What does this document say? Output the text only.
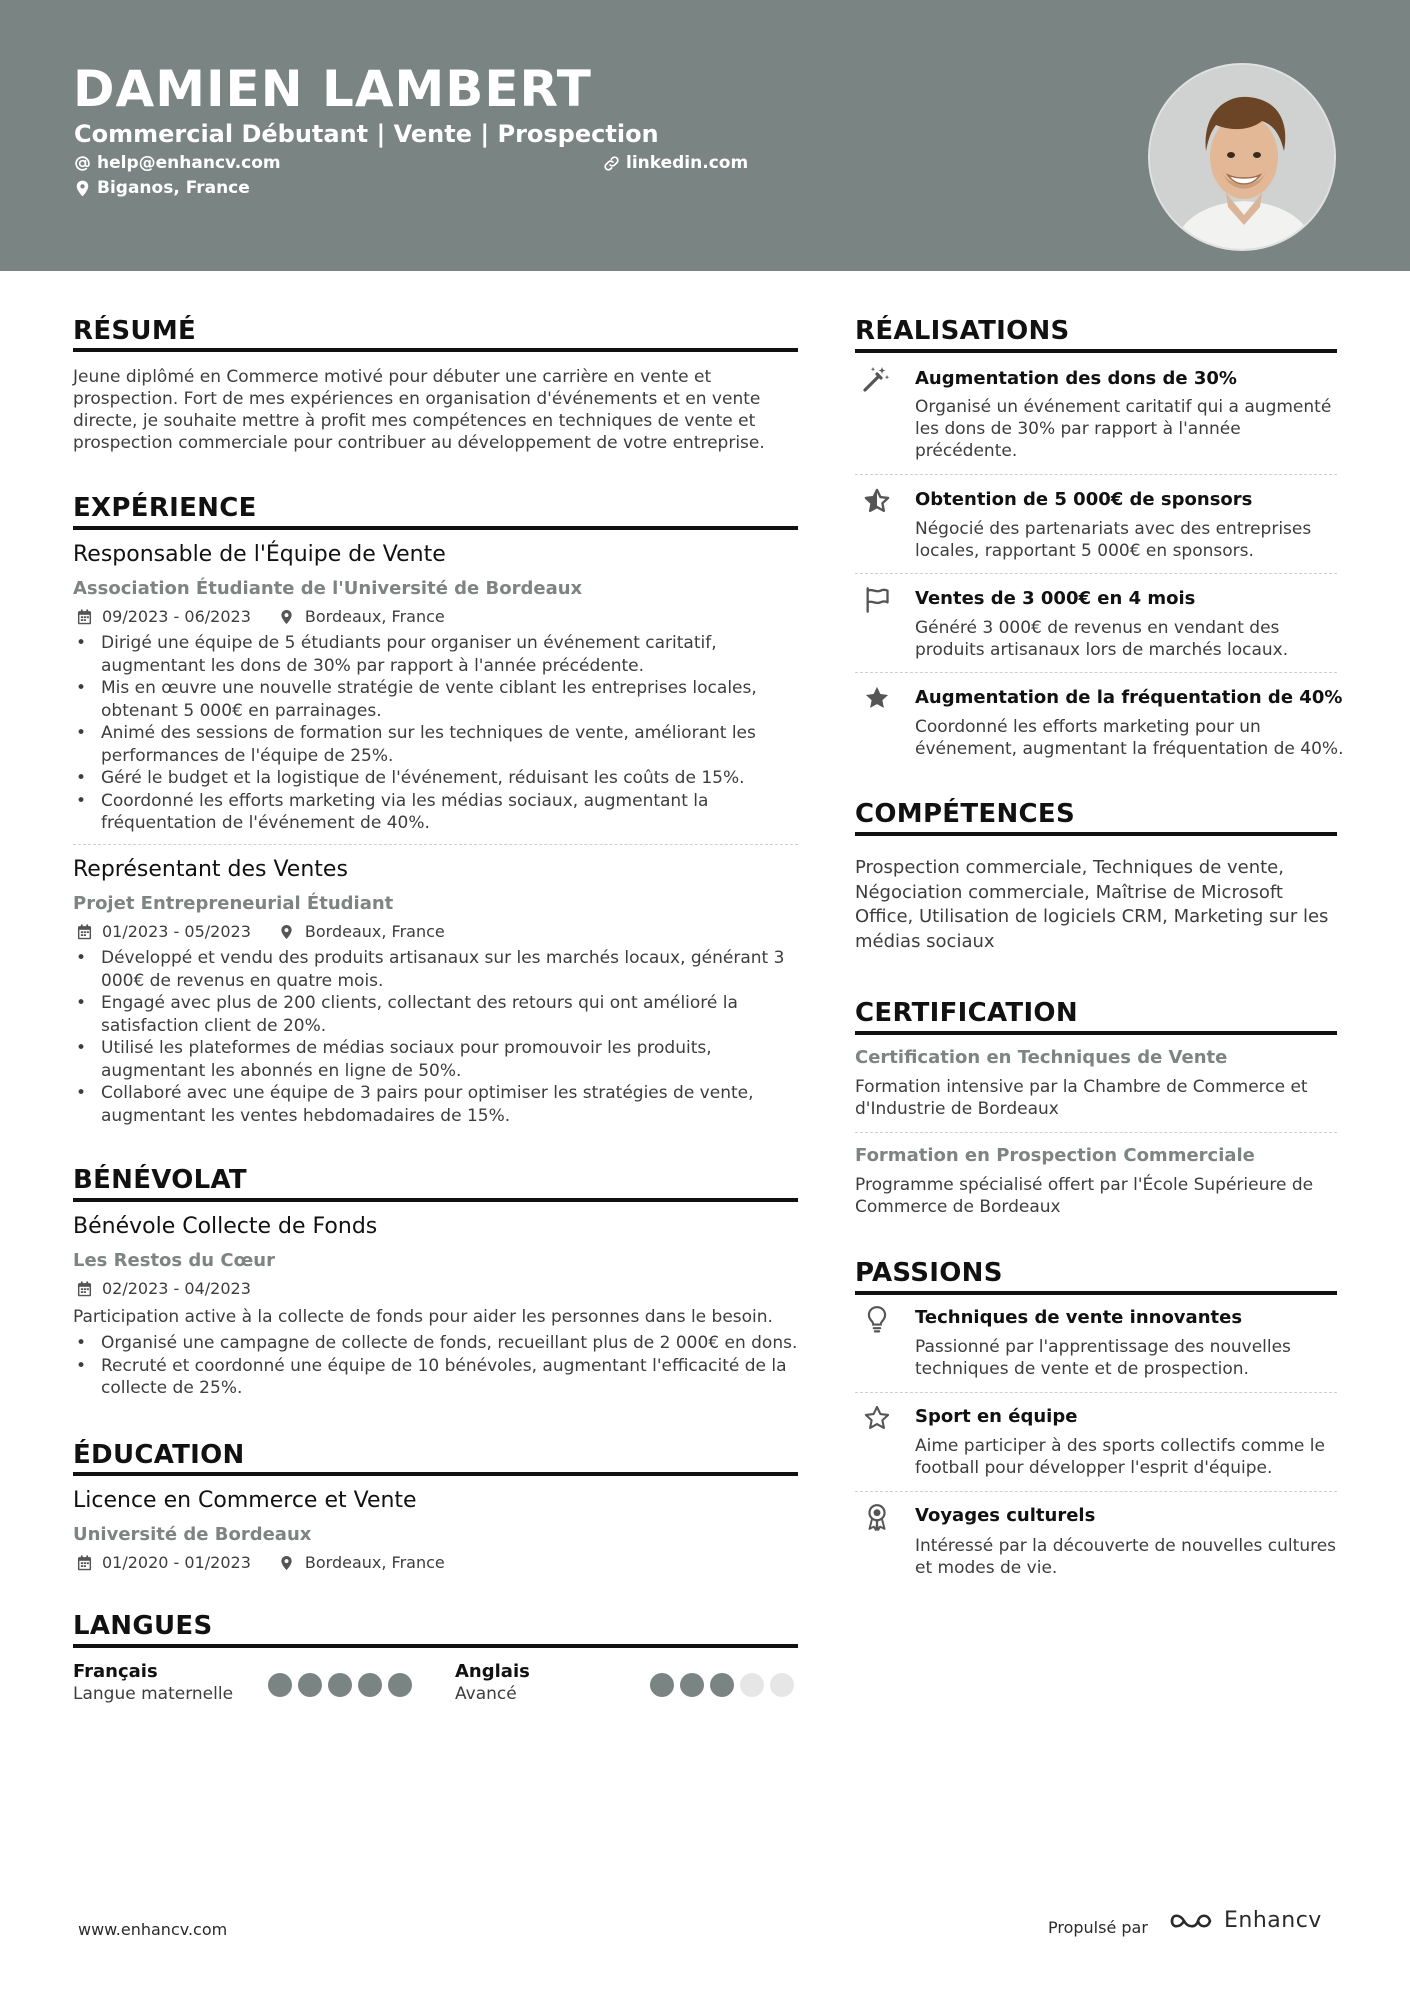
DAMIEN LAMBERT
Commercial Débutant | Vente | Prospection
help@enhancv.com	linkedin.com
Biganos, France
RÉSUMÉ
Jeune diplômé en Commerce motivé pour débuter une carrière en vente et prospection. Fort de mes expériences en organisation d'événements et en vente directe, je souhaite mettre à profit mes compétences en techniques de vente et prospection commerciale pour contribuer au développement de votre entreprise.
EXPÉRIENCE
Responsable de l'Équipe de Vente
Association Étudiante de l'Université de Bordeaux
09/2023 - 06/2023	Bordeaux, France
• Dirigé une équipe de 5 étudiants pour organiser un événement caritatif, augmentant les dons de 30% par rapport à l'année précédente.
• Mis en œuvre une nouvelle stratégie de vente ciblant les entreprises locales, obtenant 5 000€ en parrainages.
• Animé des sessions de formation sur les techniques de vente, améliorant les performances de l'équipe de 25%.
• Géré le budget et la logistique de l'événement, réduisant les coûts de 15%.
• Coordonné les efforts marketing via les médias sociaux, augmentant la fréquentation de l'événement de 40%.
Représentant des Ventes
Projet Entrepreneurial Étudiant
01/2023 - 05/2023	Bordeaux, France
• Développé et vendu des produits artisanaux sur les marchés locaux, générant 3 000€ de revenus en quatre mois.
• Engagé avec plus de 200 clients, collectant des retours qui ont amélioré la satisfaction client de 20%.
• Utilisé les plateformes de médias sociaux pour promouvoir les produits, augmentant les abonnés en ligne de 50%.
• Collaboré avec une équipe de 3 pairs pour optimiser les stratégies de vente, augmentant les ventes hebdomadaires de 15%.
BÉNÉVOLAT
Bénévole Collecte de Fonds
Les Restos du Cœur
02/2023 - 04/2023
Participation active à la collecte de fonds pour aider les personnes dans le besoin.
• Organisé une campagne de collecte de fonds, recueillant plus de 2 000€ en dons.
• Recruté et coordonné une équipe de 10 bénévoles, augmentant l'efficacité de la collecte de 25%.
ÉDUCATION
Licence en Commerce et Vente
Université de Bordeaux
01/2020 - 01/2023	Bordeaux, France
LANGUES
Français
Langue maternelle
Anglais
Avancé
RÉALISATIONS
Augmentation des dons de 30%
Organisé un événement caritatif qui a augmenté les dons de 30% par rapport à l'année précédente.
Obtention de 5 000€ de sponsors
Négocié des partenariats avec des entreprises locales, rapportant 5 000€ en sponsors.
Ventes de 3 000€ en 4 mois
Généré 3 000€ de revenus en vendant des produits artisanaux lors de marchés locaux.
Augmentation de la fréquentation de 40%
Coordonné les efforts marketing pour un événement, augmentant la fréquentation de 40%.
COMPÉTENCES
Prospection commerciale, Techniques de vente, Négociation commerciale, Maîtrise de Microsoft Office, Utilisation de logiciels CRM, Marketing sur les médias sociaux
CERTIFICATION
Certification en Techniques de Vente
Formation intensive par la Chambre de Commerce et d'Industrie de Bordeaux
Formation en Prospection Commerciale
Programme spécialisé offert par l'École Supérieure de Commerce de Bordeaux
PASSIONS
Techniques de vente innovantes
Passionné par l'apprentissage des nouvelles techniques de vente et de prospection.
Sport en équipe
Aime participer à des sports collectifs comme le football pour développer l'esprit d'équipe.
Voyages culturels
Intéressé par la découverte de nouvelles cultures et modes de vie.
www.enhancv.com	Propulsé par	Enhancv
